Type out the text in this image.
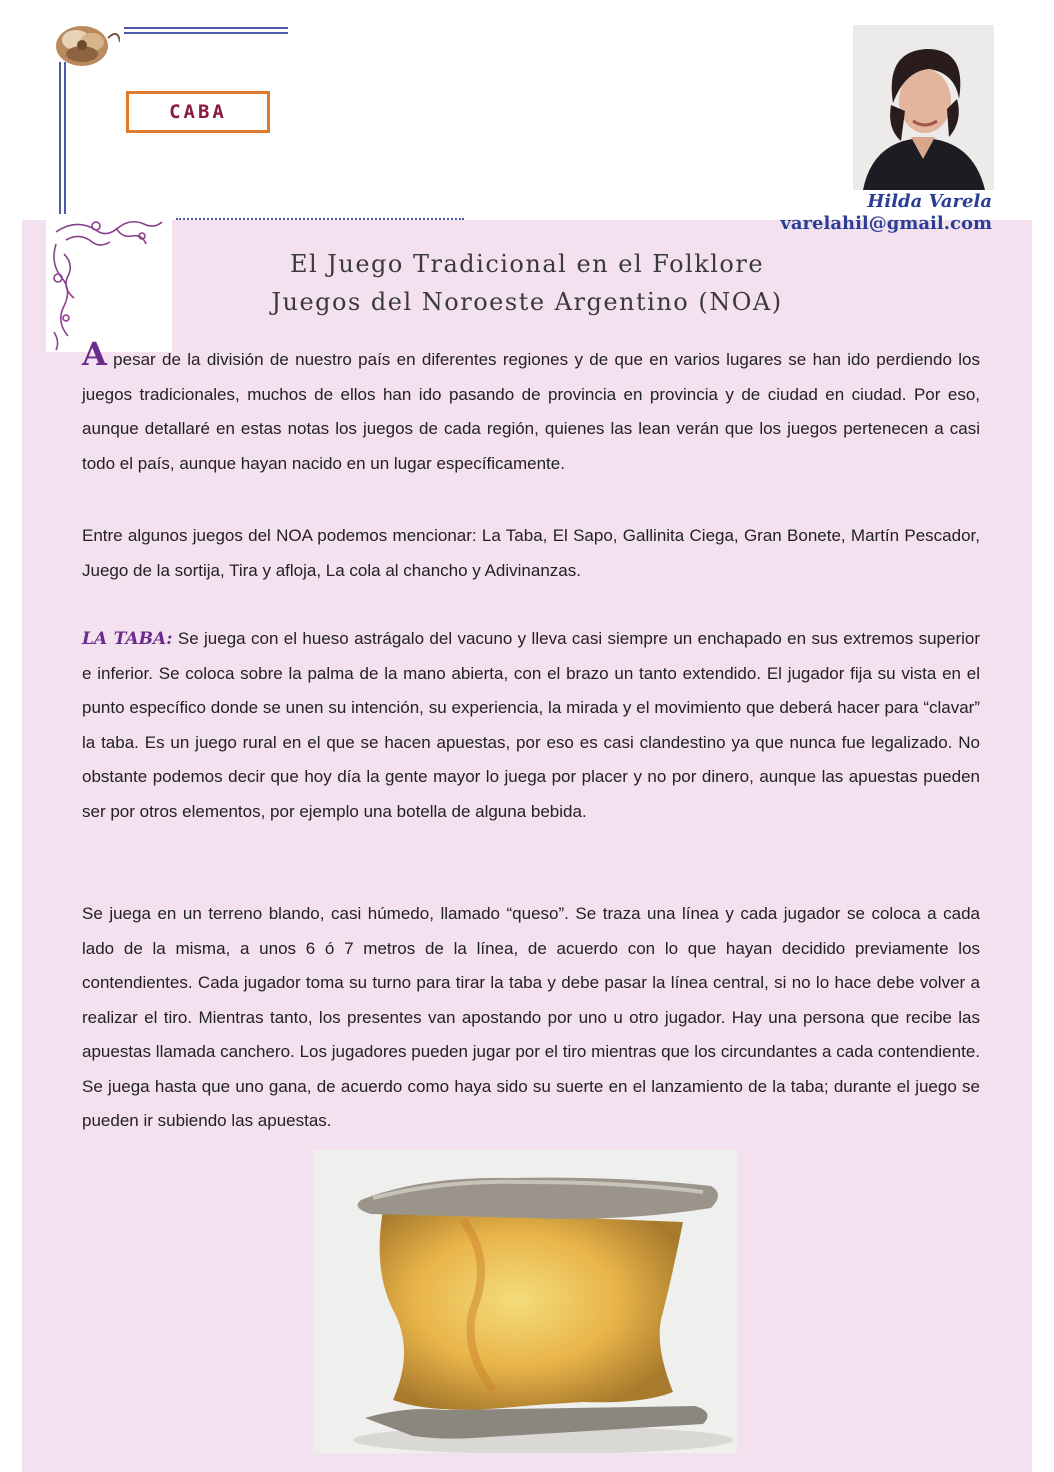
CABA
Hilda Varela
varelahil@gmail.com
El Juego Tradicional en el Folklore
Juegos del Noroeste Argentino (NOA)
A pesar de la división de nuestro país en diferentes regiones y de que en varios lugares se han ido perdiendo los juegos tradicionales, muchos de ellos han ido pasando de provincia en provincia y de ciudad en ciudad. Por eso, aunque detallaré en estas notas los juegos de cada región, quienes las lean verán que los juegos pertenecen a casi todo el país, aunque hayan nacido en un lugar específicamente.
Entre algunos juegos del NOA podemos mencionar: La Taba, El Sapo, Gallinita Ciega, Gran Bonete, Martín Pescador, Juego de la sortija, Tira y afloja, La cola al chancho y Adivinanzas.
LA TABA: Se juega con el hueso astrágalo del vacuno y lleva casi siempre un enchapado en sus extremos superior e inferior. Se coloca sobre la palma de la mano abierta, con el brazo un tanto extendido. El jugador fija su vista en el punto específico donde se unen su intención, su experiencia, la mirada y el movimiento que deberá hacer para “clavar” la taba. Es un juego rural en el que se hacen apuestas, por eso es casi clandestino ya que nunca fue legalizado. No obstante podemos decir que hoy día la gente mayor lo juega por placer y no por dinero, aunque las apuestas pueden ser por otros elementos, por ejemplo una botella de alguna bebida.
Se juega en un terreno blando, casi húmedo, llamado “queso”. Se traza una línea y cada jugador se coloca a cada lado de la misma, a unos 6 ó 7 metros de la línea, de acuerdo con lo que hayan decidido previamente los contendientes. Cada jugador toma su turno para tirar la taba y debe pasar la línea central, si no lo hace debe volver a realizar el tiro. Mientras tanto, los presentes van apostando por uno u otro jugador. Hay una persona que recibe las apuestas llamada canchero. Los jugadores pueden jugar por el tiro mientras que los circundantes a cada contendiente. Se juega hasta que uno gana, de acuerdo como haya sido su suerte en el lanzamiento de la taba; durante el juego se pueden ir subiendo las apuestas.
